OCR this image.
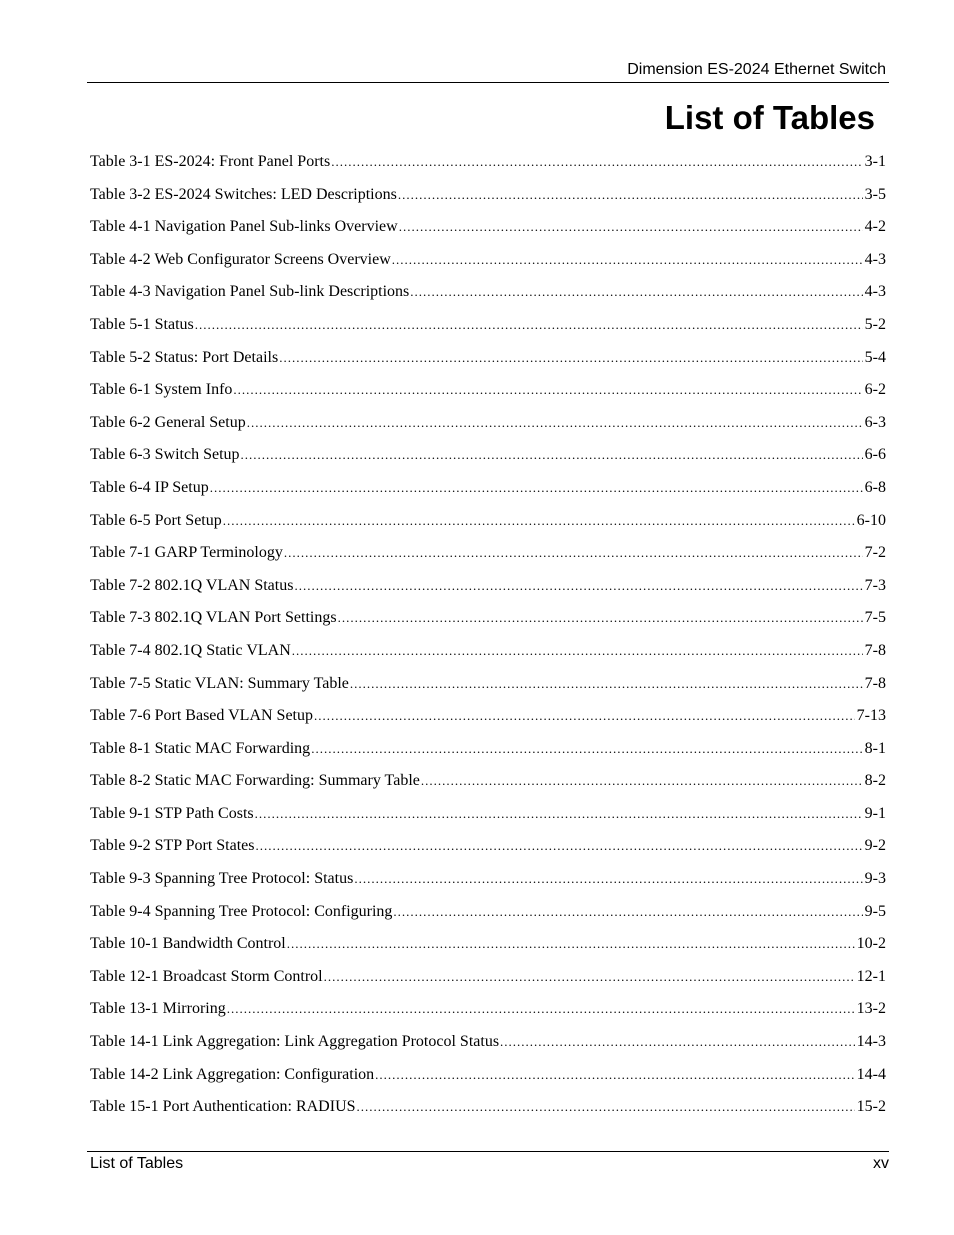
Dimension ES-2024 Ethernet Switch
List of Tables
Table 3-1 ES-2024: Front Panel Ports .....	3-1
Table 3-2 ES-2024 Switches: LED Descriptions .....	3-5
Table 4-1 Navigation Panel Sub-links Overview .....	4-2
Table 4-2 Web Configurator Screens Overview .....	4-3
Table 4-3 Navigation Panel Sub-link Descriptions .....	4-3
Table 5-1 Status .....	5-2
Table 5-2 Status: Port Details .....	5-4
Table 6-1 System Info .....	6-2
Table 6-2 General Setup .....	6-3
Table 6-3 Switch Setup .....	6-6
Table 6-4 IP Setup .....	6-8
Table 6-5 Port Setup .....	6-10
Table 7-1 GARP Terminology .....	7-2
Table 7-2 802.1Q VLAN Status .....	7-3
Table 7-3 802.1Q VLAN Port Settings .....	7-5
Table 7-4 802.1Q Static VLAN .....	7-8
Table 7-5 Static VLAN: Summary Table .....	7-8
Table 7-6 Port Based VLAN Setup .....	7-13
Table 8-1 Static MAC Forwarding .....	8-1
Table 8-2 Static MAC Forwarding: Summary Table .....	8-2
Table 9-1 STP Path Costs .....	9-1
Table 9-2 STP Port States .....	9-2
Table 9-3 Spanning Tree Protocol: Status .....	9-3
Table 9-4 Spanning Tree Protocol: Configuring .....	9-5
Table 10-1 Bandwidth Control .....	10-2
Table 12-1 Broadcast Storm Control .....	12-1
Table 13-1 Mirroring .....	13-2
Table 14-1 Link Aggregation: Link Aggregation Protocol Status .....	14-3
Table 14-2 Link Aggregation: Configuration .....	14-4
Table 15-1 Port Authentication: RADIUS .....	15-2
List of Tables	xv
